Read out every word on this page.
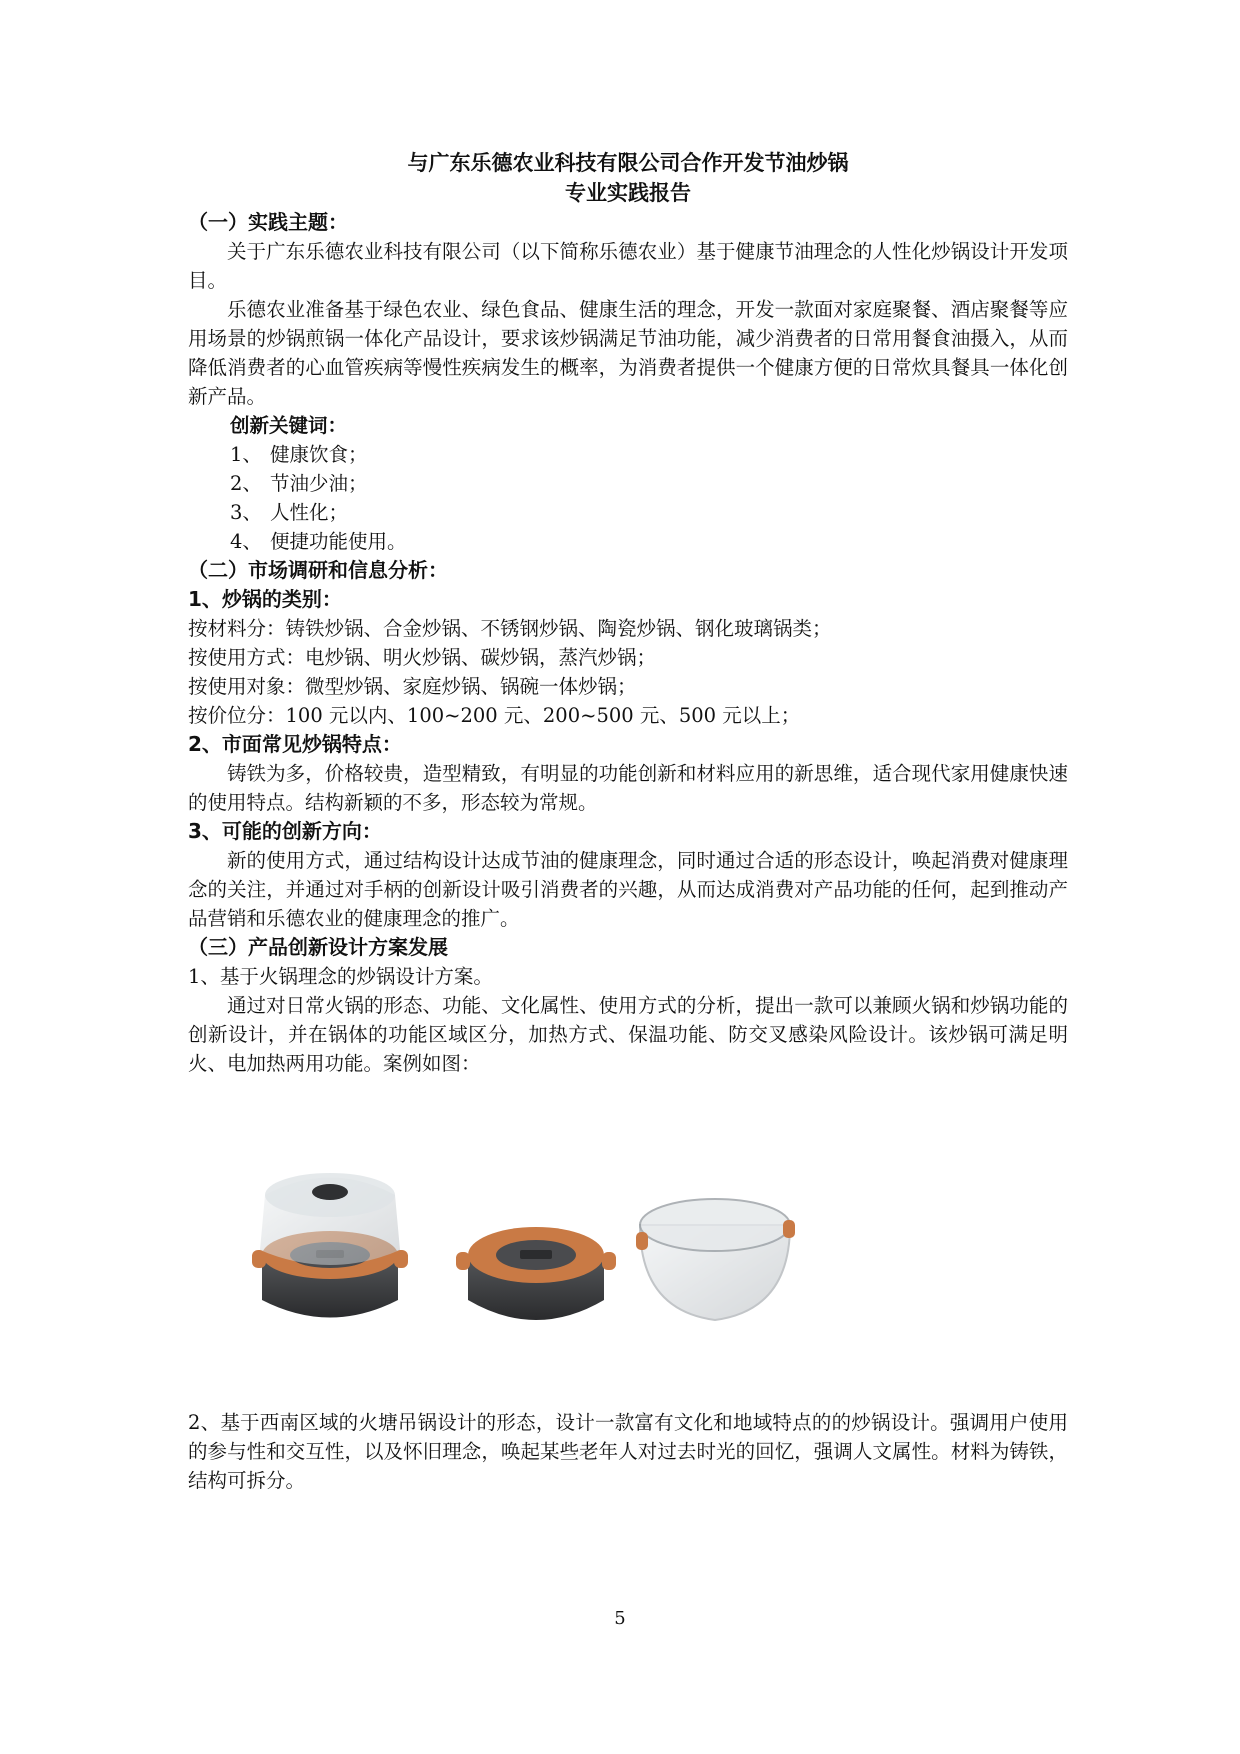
与广东乐德农业科技有限公司合作开发节油炒锅

专业实践报告

（一）实践主题：

关于广东乐德农业科技有限公司（以下简称乐德农业）基于健康节油理念的人性化炒锅设计开发项目。

乐德农业准备基于绿色农业、绿色食品、健康生活的理念，开发一款面对家庭聚餐、酒店聚餐等应用场景的炒锅煎锅一体化产品设计，要求该炒锅满足节油功能，减少消费者的日常用餐食油摄入，从而降低消费者的心血管疾病等慢性疾病发生的概率，为消费者提供一个健康方便的日常炊具餐具一体化创新产品。

创新关键词：

1、 健康饮食；

2、 节油少油；

3、 人性化；

4、 便捷功能使用。

（二）市场调研和信息分析：

1、炒锅的类别：

按材料分：铸铁炒锅、合金炒锅、不锈钢炒锅、陶瓷炒锅、钢化玻璃锅类；

按使用方式：电炒锅、明火炒锅、碳炒锅，蒸汽炒锅；

按使用对象：微型炒锅、家庭炒锅、锅碗一体炒锅；

按价位分：100 元以内、100~200 元、200~500 元、500 元以上；

2、市面常见炒锅特点：

铸铁为多，价格较贵，造型精致，有明显的功能创新和材料应用的新思维，适合现代家用健康快速的使用特点。结构新颖的不多，形态较为常规。

3、可能的创新方向：

新的使用方式，通过结构设计达成节油的健康理念，同时通过合适的形态设计，唤起消费对健康理念的关注，并通过对手柄的创新设计吸引消费者的兴趣，从而达成消费对产品功能的任何，起到推动产品营销和乐德农业的健康理念的推广。

（三）产品创新设计方案发展

1、基于火锅理念的炒锅设计方案。

通过对日常火锅的形态、功能、文化属性、使用方式的分析，提出一款可以兼顾火锅和炒锅功能的创新设计，并在锅体的功能区域区分，加热方式、保温功能、防交叉感染风险设计。该炒锅可满足明火、电加热两用功能。案例如图：

2、基于西南区域的火塘吊锅设计的形态，设计一款富有文化和地域特点的的炒锅设计。强调用户使用的参与性和交互性，以及怀旧理念，唤起某些老年人对过去时光的回忆，强调人文属性。材料为铸铁，结构可拆分。

5
